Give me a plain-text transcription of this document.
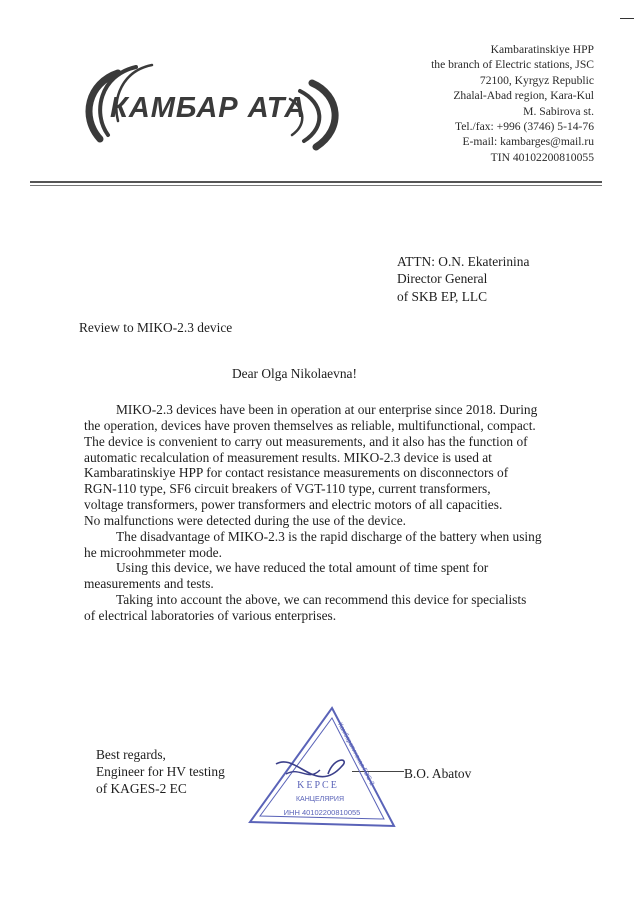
КАМБАР АТА
Kambaratinskiye HPP
the branch of Electric stations, JSC
72100, Kyrgyz Republic
Zhalal-Abad region, Kara-Kul
M. Sabirova st.
Tel./fax: +996 (3746) 5-14-76
E-mail: kambarges@mail.ru
TIN 40102200810055
ATTN: O.N. Ekaterinina
Director General
of SKB EP, LLC
Review to MIKO-2.3 device
Dear Olga Nikolaevna!
MIKO-2.3 devices have been in operation at our enterprise since 2018. During
the operation, devices have proven themselves as reliable, multifunctional, compact.
The device is convenient to carry out measurements, and it also has the function of
automatic recalculation of measurement results. MIKO-2.3 device is used at
Kambaratinskiye HPP for contact resistance measurements on disconnectors of
RGN-110 type, SF6 circuit breakers of VGT-110 type, current transformers,
voltage transformers, power transformers and electric motors of all capacities.
No malfunctions were detected during the use of the device.
The disadvantage of MIKO-2.3 is the rapid discharge of the battery when using
he microohmmeter mode.
Using this device, we have reduced the total amount of time spent for
measurements and tests.
Taking into account the above, we can recommend this device for specialists
of electrical laboratories of various enterprises.
Best regards,
Engineer for HV testing
of KAGES-2 EC
B.O. Abatov
KEPCE
КАНЦЕЛЯРИЯ
ИНН 40102200810055
Камбаратинская ГЭС-2
